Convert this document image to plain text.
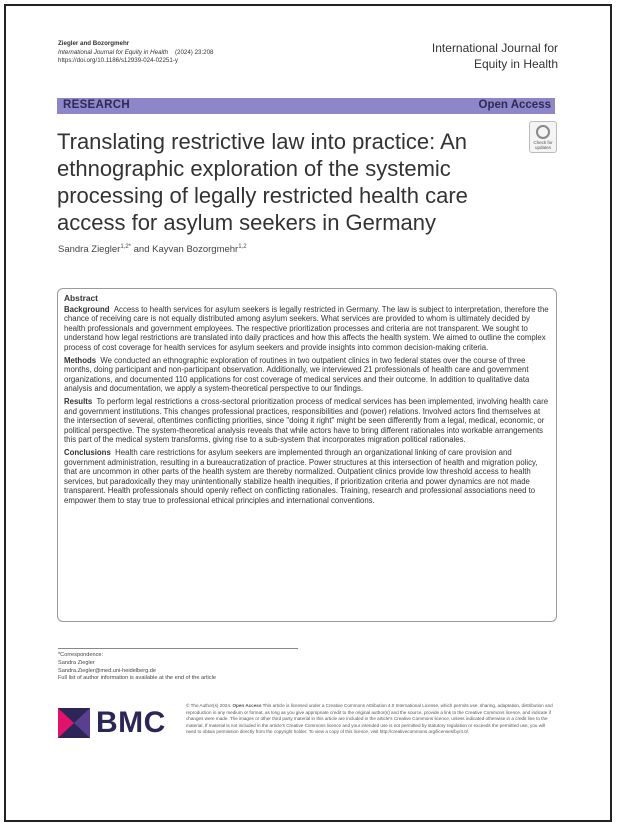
Ziegler and Bozorgmehr
International Journal for Equity in Health (2024) 23:208
https://doi.org/10.1186/s12939-024-02251-y
International Journal for
Equity in Health
RESEARCH	Open Access
Translating restrictive law into practice: An ethnographic exploration of the systemic processing of legally restricted health care access for asylum seekers in Germany
Check for updates
Sandra Ziegler$^{1,2*}$ and Kayvan Bozorgmehr$^{1,2}$
Abstract

Background Access to health services for asylum seekers is legally restricted in Germany. The law is subject to interpretation, therefore the chance of receiving care is not equally distributed among asylum seekers. What services are provided to whom is ultimately decided by health professionals and government employees. The respective prioritization processes and criteria are not transparent. We sought to understand how legal restrictions are translated into daily practices and how this affects the health system. We aimed to outline the complex process of cost coverage for health services for asylum seekers and provide insights into common decision-making criteria.

Methods We conducted an ethnographic exploration of routines in two outpatient clinics in two federal states over the course of three months, doing participant and non-participant observation. Additionally, we interviewed 21 professionals of health care and government organizations, and documented 110 applications for cost coverage of medical services and their outcome. In addition to qualitative data analysis and documentation, we apply a system-theoretical perspective to our findings.

Results To perform legal restrictions a cross-sectoral prioritization process of medical services has been implemented, involving health care and government institutions. This changes professional practices, responsibilities and (power) relations. Involved actors find themselves at the intersection of several, oftentimes conflicting priorities, since "doing it right" might be seen differently from a legal, medical, economic, or political perspective. The system-theoretical analysis reveals that while actors have to bring different rationales into workable arrangements this part of the medical system transforms, giving rise to a sub-system that incorporates migration political rationales.

Conclusions Health care restrictions for asylum seekers are implemented through an organizational linking of care provision and government administration, resulting in a bureaucratization of practice. Power structures at this intersection of health and migration policy, that are uncommon in other parts of the health system are thereby normalized. Outpatient clinics provide low threshold access to health services, but paradoxically they may unintentionally stabilize health inequities, if prioritization criteria and power dynamics are not made transparent. Health professionals should openly reflect on conflicting rationales. Training, research and professional associations need to empower them to stay true to professional ethical principles and international conventions.

*Correspondence:
Sandra Ziegler
Sandra.Ziegler@med.uni-heidelberg.de
Full list of author information is available at the end of the article
BMC
© The Author(s) 2024. Open Access This article is licensed under a Creative Commons Attribution 4.0 International License, which permits use, sharing, adaptation, distribution and reproduction in any medium or format, as long as you give appropriate credit to the original author(s) and the source, provide a link to the Creative Commons licence, and indicate if changes were made. The images or other third party material in this article are included in the article's Creative Commons licence, unless indicated otherwise in a credit line to the material. If material is not included in the article's Creative Commons licence and your intended use is not permitted by statutory regulation or exceeds the permitted use, you will need to obtain permission directly from the copyright holder. To view a copy of this licence, visit http://creativecommons.org/licenses/by/4.0/.
